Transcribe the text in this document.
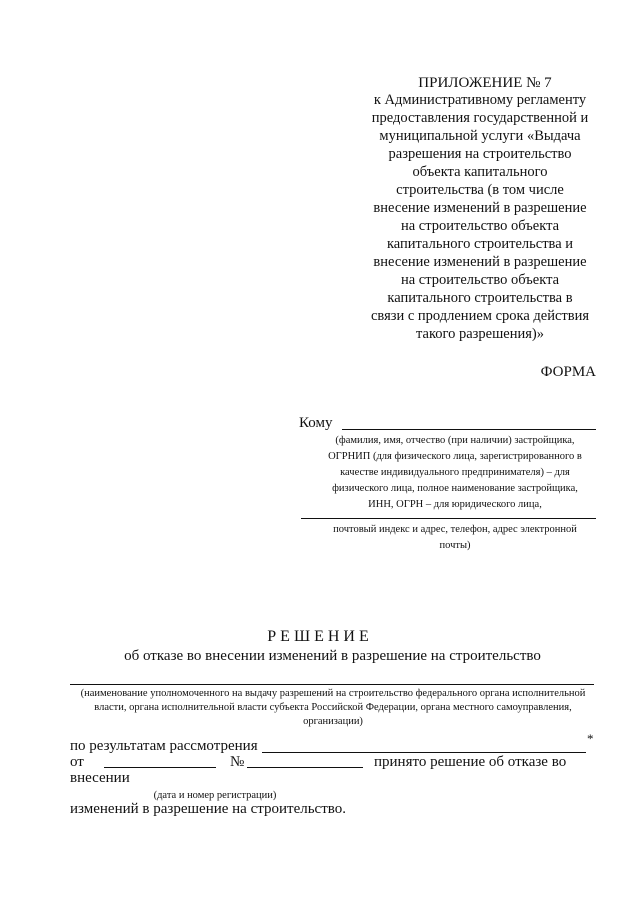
ПРИЛОЖЕНИЕ № 7
к Административному регламенту
предоставления государственной и
муниципальной услуги «Выдача
разрешения на строительство
объекта капитального
строительства (в том числе
внесение изменений в разрешение
на строительство объекта
капитального строительства и
внесение изменений в разрешение
на строительство объекта
капитального строительства в
связи с продлением срока действия
такого разрешения)»
ФОРМА
Кому
(фамилия, имя, отчество (при наличии) застройщика,
ОГРНИП (для физического лица, зарегистрированного в
качестве индивидуального предпринимателя) – для
физического лица, полное наименование застройщика,
ИНН, ОГРН – для юридического лица,
почтовый индекс и адрес, телефон, адрес электронной
почты)
РЕШЕНИЕ
об отказе во внесении изменений в разрешение на строительство
(наименование уполномоченного на выдачу разрешений на строительство федерального органа исполнительной
власти, органа исполнительной власти субъекта Российской Федерации, органа местного самоуправления,
организации)
по результатам рассмотрения	*
от	№	принято решение об отказе во
внесении
(дата и номер регистрации)
изменений в разрешение на строительство.
